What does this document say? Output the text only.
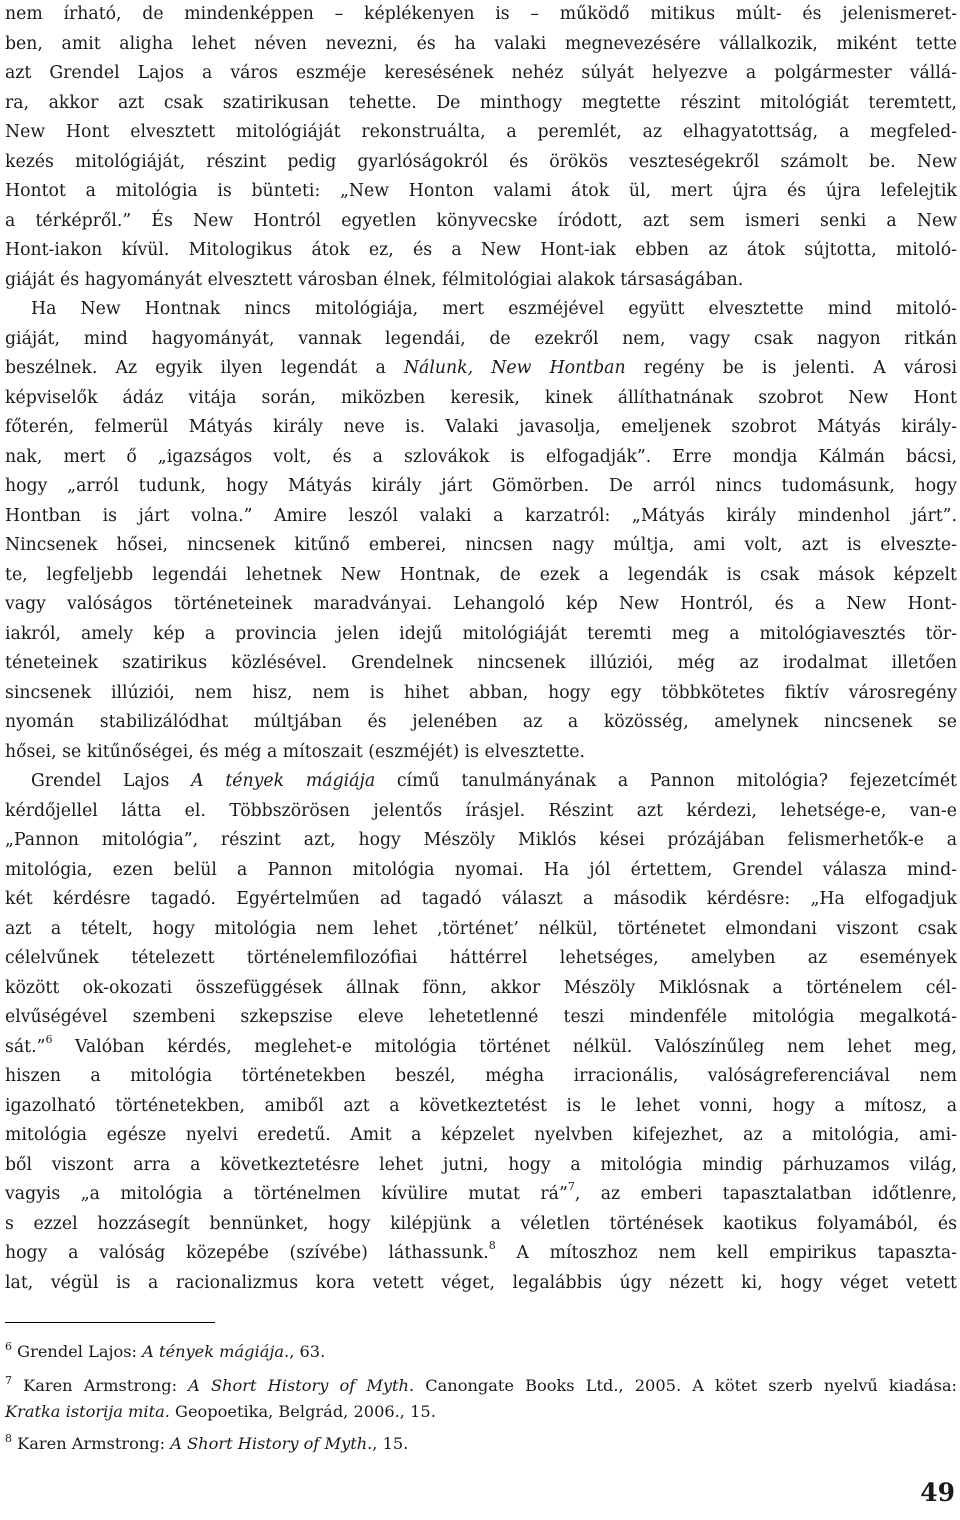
nem írható, de mindenképpen – képlékenyen is – működő mitikus múlt- és jelenismeret-
ben, amit aligha lehet néven nevezni, és ha valaki megnevezésére vállalkozik, miként tette
azt Grendel Lajos a város eszméje keresésének nehéz súlyát helyezve a polgármester vállá-
ra, akkor azt csak szatirikusan tehette. De minthogy megtette részint mitológiát teremtett,
New Hont elvesztett mitológiáját rekonstruálta, a peremlét, az elhagyatottság, a megfeled-
kezés mitológiáját, részint pedig gyarlóságokról és örökös veszteségekről számolt be. New
Hontot a mitológia is bünteti: „New Honton valami átok ül, mert újra és újra lefelejtik
a térképről.” És New Hontról egyetlen könyvecske íródott, azt sem ismeri senki a New
Hont-iakon kívül. Mitologikus átok ez, és a New Hont-iak ebben az átok sújtotta, mitoló-
giáját és hagyományát elvesztett városban élnek, félmitológiai alakok társaságában.
Ha New Hontnak nincs mitológiája, mert eszméjével együtt elvesztette mind mitoló-
giáját, mind hagyományát, vannak legendái, de ezekről nem, vagy csak nagyon ritkán
beszélnek. Az egyik ilyen legendát a Nálunk, New Hontban regény be is jelenti. A városi
képviselők ádáz vitája során, miközben keresik, kinek állíthatnának szobrot New Hont
főterén, felmerül Mátyás király neve is. Valaki javasolja, emeljenek szobrot Mátyás király-
nak, mert ő „igazságos volt, és a szlovákok is elfogadják”. Erre mondja Kálmán bácsi,
hogy „arról tudunk, hogy Mátyás király járt Gömörben. De arról nincs tudomásunk, hogy
Hontban is járt volna.” Amire leszól valaki a karzatról: „Mátyás király mindenhol járt”.
Nincsenek hősei, nincsenek kitűnő emberei, nincsen nagy múltja, ami volt, azt is elveszte-
te, legfeljebb legendái lehetnek New Hontnak, de ezek a legendák is csak mások képzelt
vagy valóságos történeteinek maradványai. Lehangoló kép New Hontról, és a New Hont-
iakról, amely kép a provincia jelen idejű mitológiáját teremti meg a mitológiavesztés tör-
téneteinek szatirikus közlésével. Grendelnek nincsenek illúziói, még az irodalmat illetően
sincsenek illúziói, nem hisz, nem is hihet abban, hogy egy többkötetes fiktív városregény
nyomán stabilizálódhat múltjában és jelenében az a közösség, amelynek nincsenek se
hősei, se kitűnőségei, és még a mítoszait (eszméjét) is elvesztette.
Grendel Lajos A tények mágiája című tanulmányának a Pannon mitológia? fejezetcímét
kérdőjellel látta el. Többszörösen jelentős írásjel. Részint azt kérdezi, lehetsége-e, van-e
„Pannon mitológia”, részint azt, hogy Mészöly Miklós kései prózájában felismerhetők-e a
mitológia, ezen belül a Pannon mitológia nyomai. Ha jól értettem, Grendel válasza mind-
két kérdésre tagadó. Egyértelműen ad tagadó választ a második kérdésre: „Ha elfogadjuk
azt a tételt, hogy mitológia nem lehet ‚történet’ nélkül, történetet elmondani viszont csak
célelvűnek tételezett történelemfilozófiai háttérrel lehetséges, amelyben az események
között ok-okozati összefüggések állnak fönn, akkor Mészöly Miklósnak a történelem cél-
elvűségével szembeni szkepszise eleve lehetetlenné teszi mindenféle mitológia megalkotá-
sát.”$^6$ Valóban kérdés, meglehet-e mitológia történet nélkül. Valószínűleg nem lehet meg,
hiszen a mitológia történetekben beszél, mégha irracionális, valóságreferenciával nem
igazolható történetekben, amiből azt a következtetést is le lehet vonni, hogy a mítosz, a
mitológia egésze nyelvi eredetű. Amit a képzelet nyelvben kifejezhet, az a mitológia, ami-
ből viszont arra a következtetésre lehet jutni, hogy a mitológia mindig párhuzamos világ,
vagyis „a mitológia a történelmen kívülire mutat rá”$^7$, az emberi tapasztalatban időtlenre,
s ezzel hozzásegít bennünket, hogy kilépjünk a véletlen történések kaotikus folyamából, és
hogy a valóság közepébe (szívébe) láthassunk.$^8$ A mítoszhoz nem kell empirikus tapaszta-
lat, végül is a racionalizmus kora vetett véget, legalábbis úgy nézett ki, hogy véget vetett
$^6$ Grendel Lajos: A tények mágiája., 63.
$^7$ Karen Armstrong: A Short History of Myth. Canongate Books Ltd., 2005. A kötet szerb nyelvű kiadása:
Kratka istorija mita. Geopoetika, Belgrád, 2006., 15.
$^8$ Karen Armstrong: A Short History of Myth., 15.
49
